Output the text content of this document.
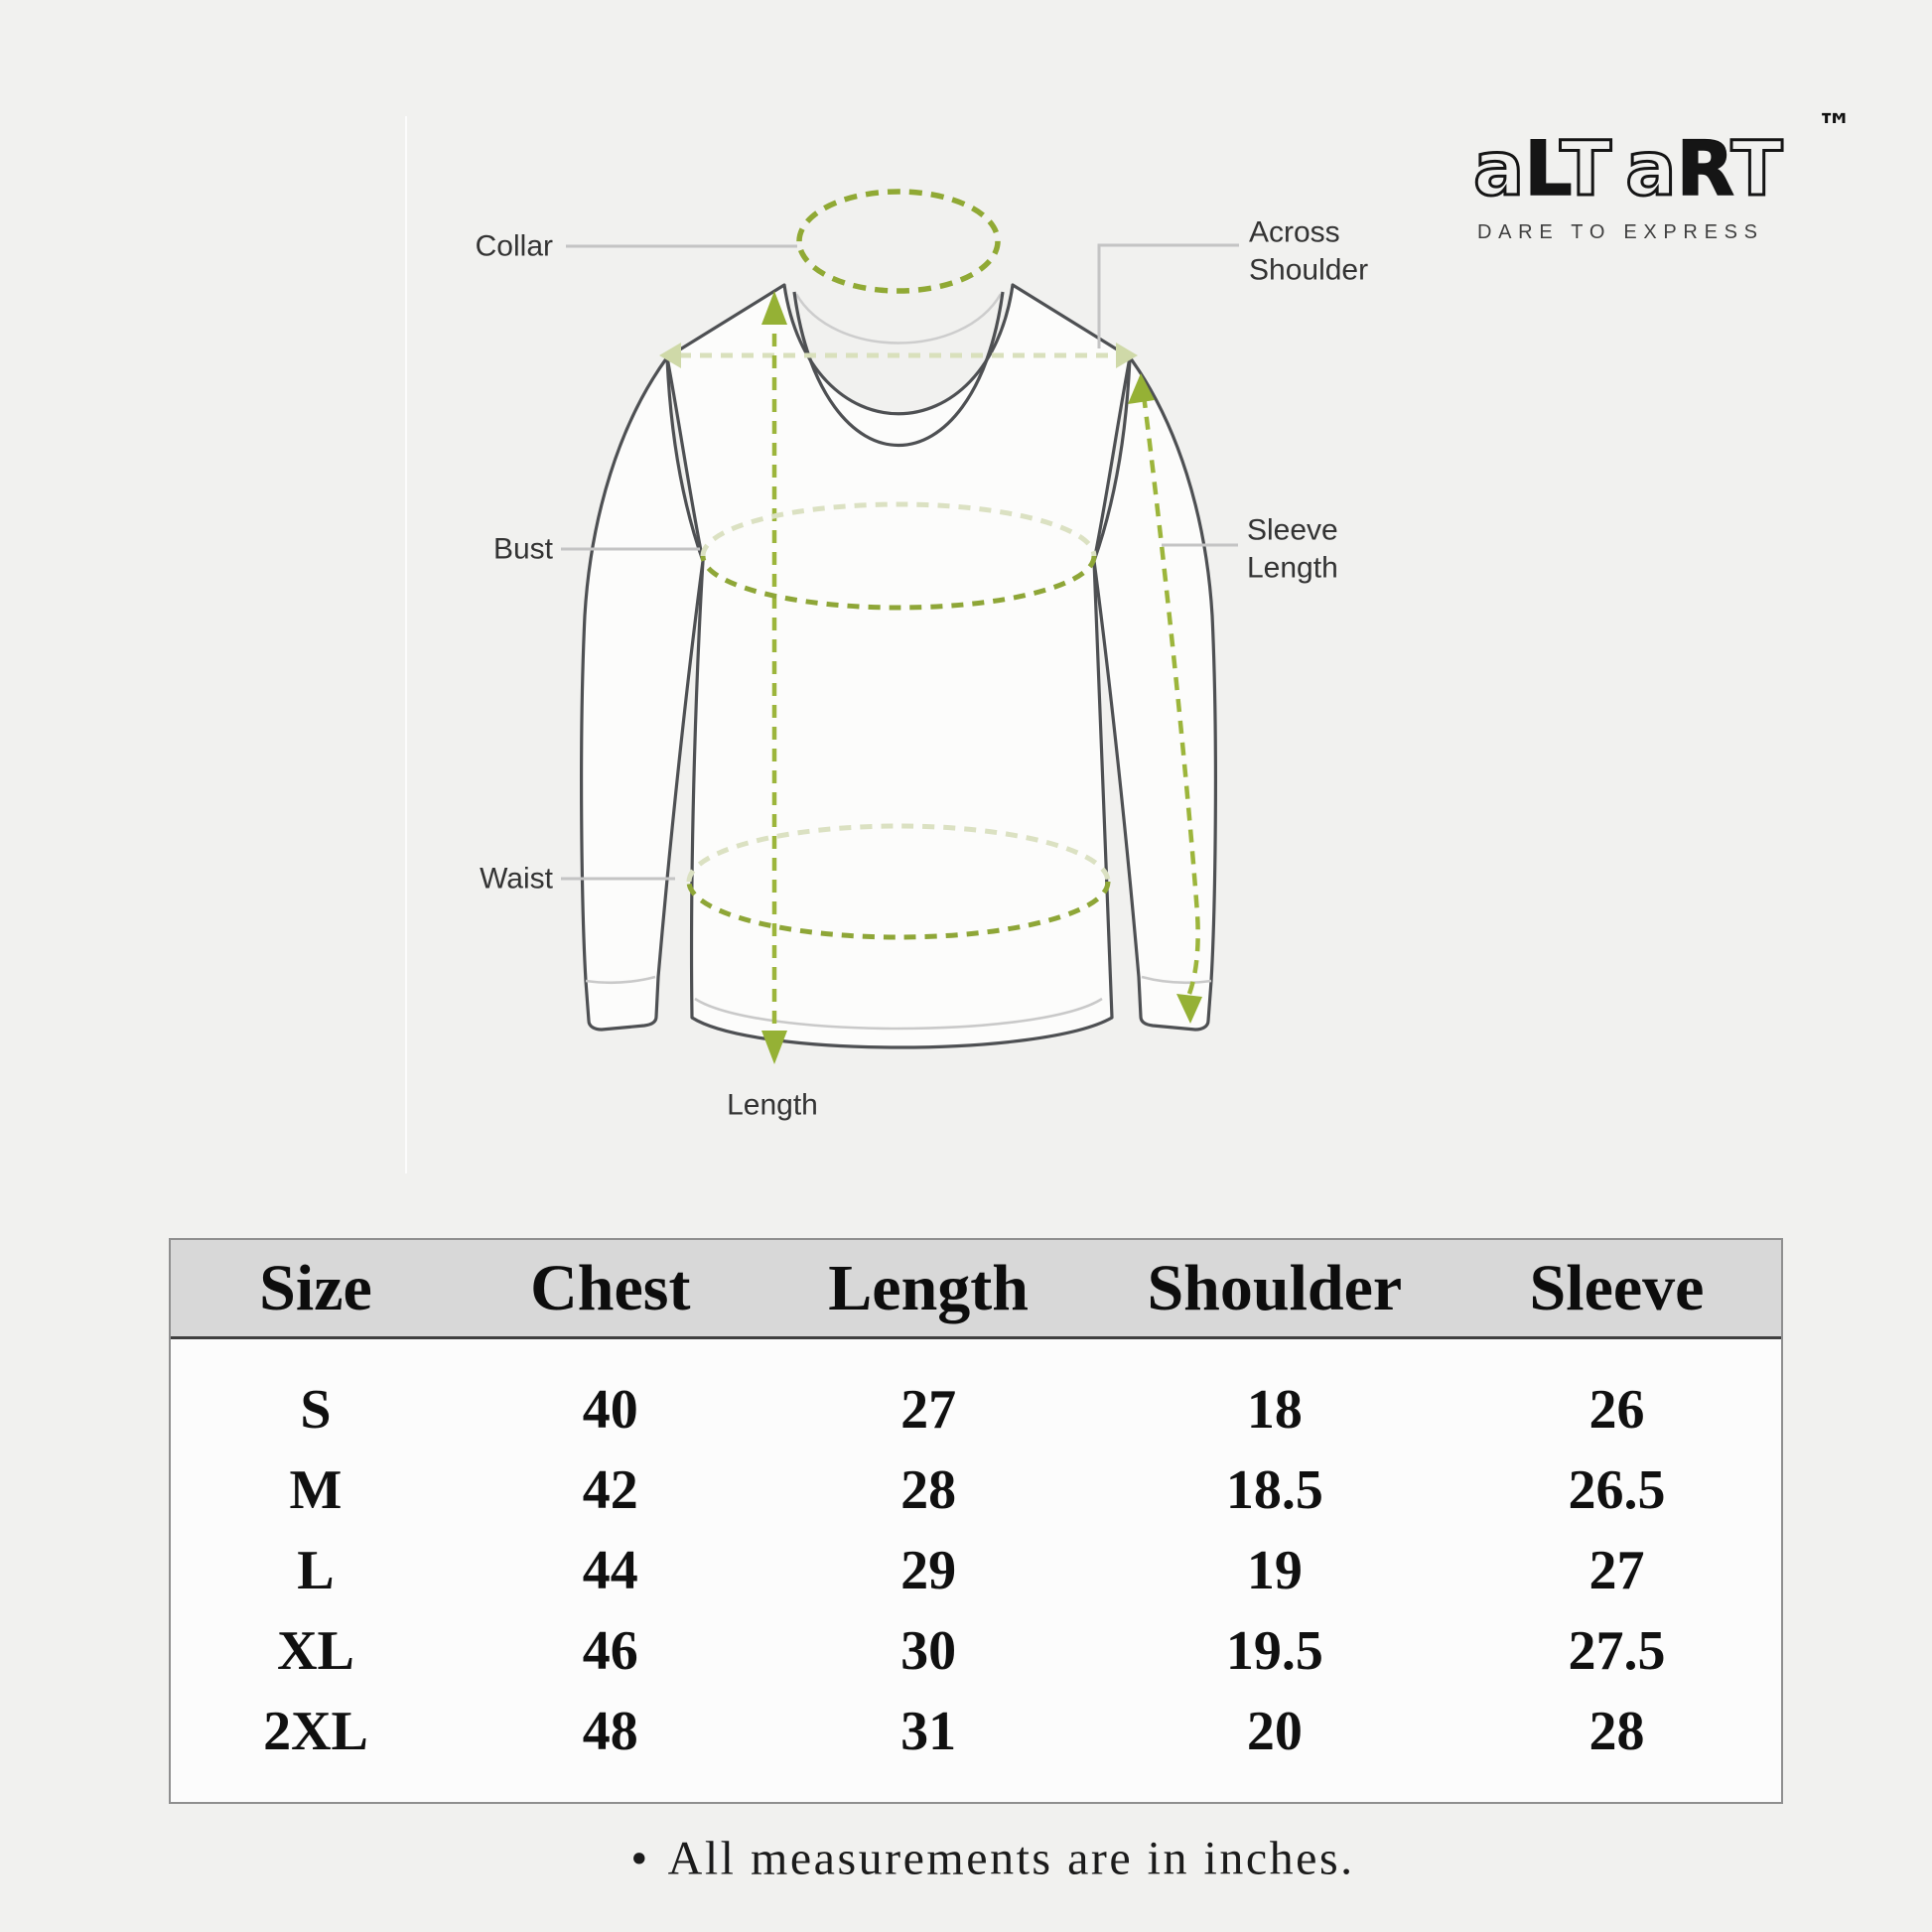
Collar
Bust
Waist
Length
Across Shoulder
Sleeve Length
aLT aRT ™
DARE TO EXPRESS
Size	Chest	Length	Shoulder	Sleeve
S	40	27	18	26
M	42	28	18.5	26.5
L	44	29	19	27
XL	46	30	19.5	27.5
2XL	48	31	20	28
• All measurements are in inches.
